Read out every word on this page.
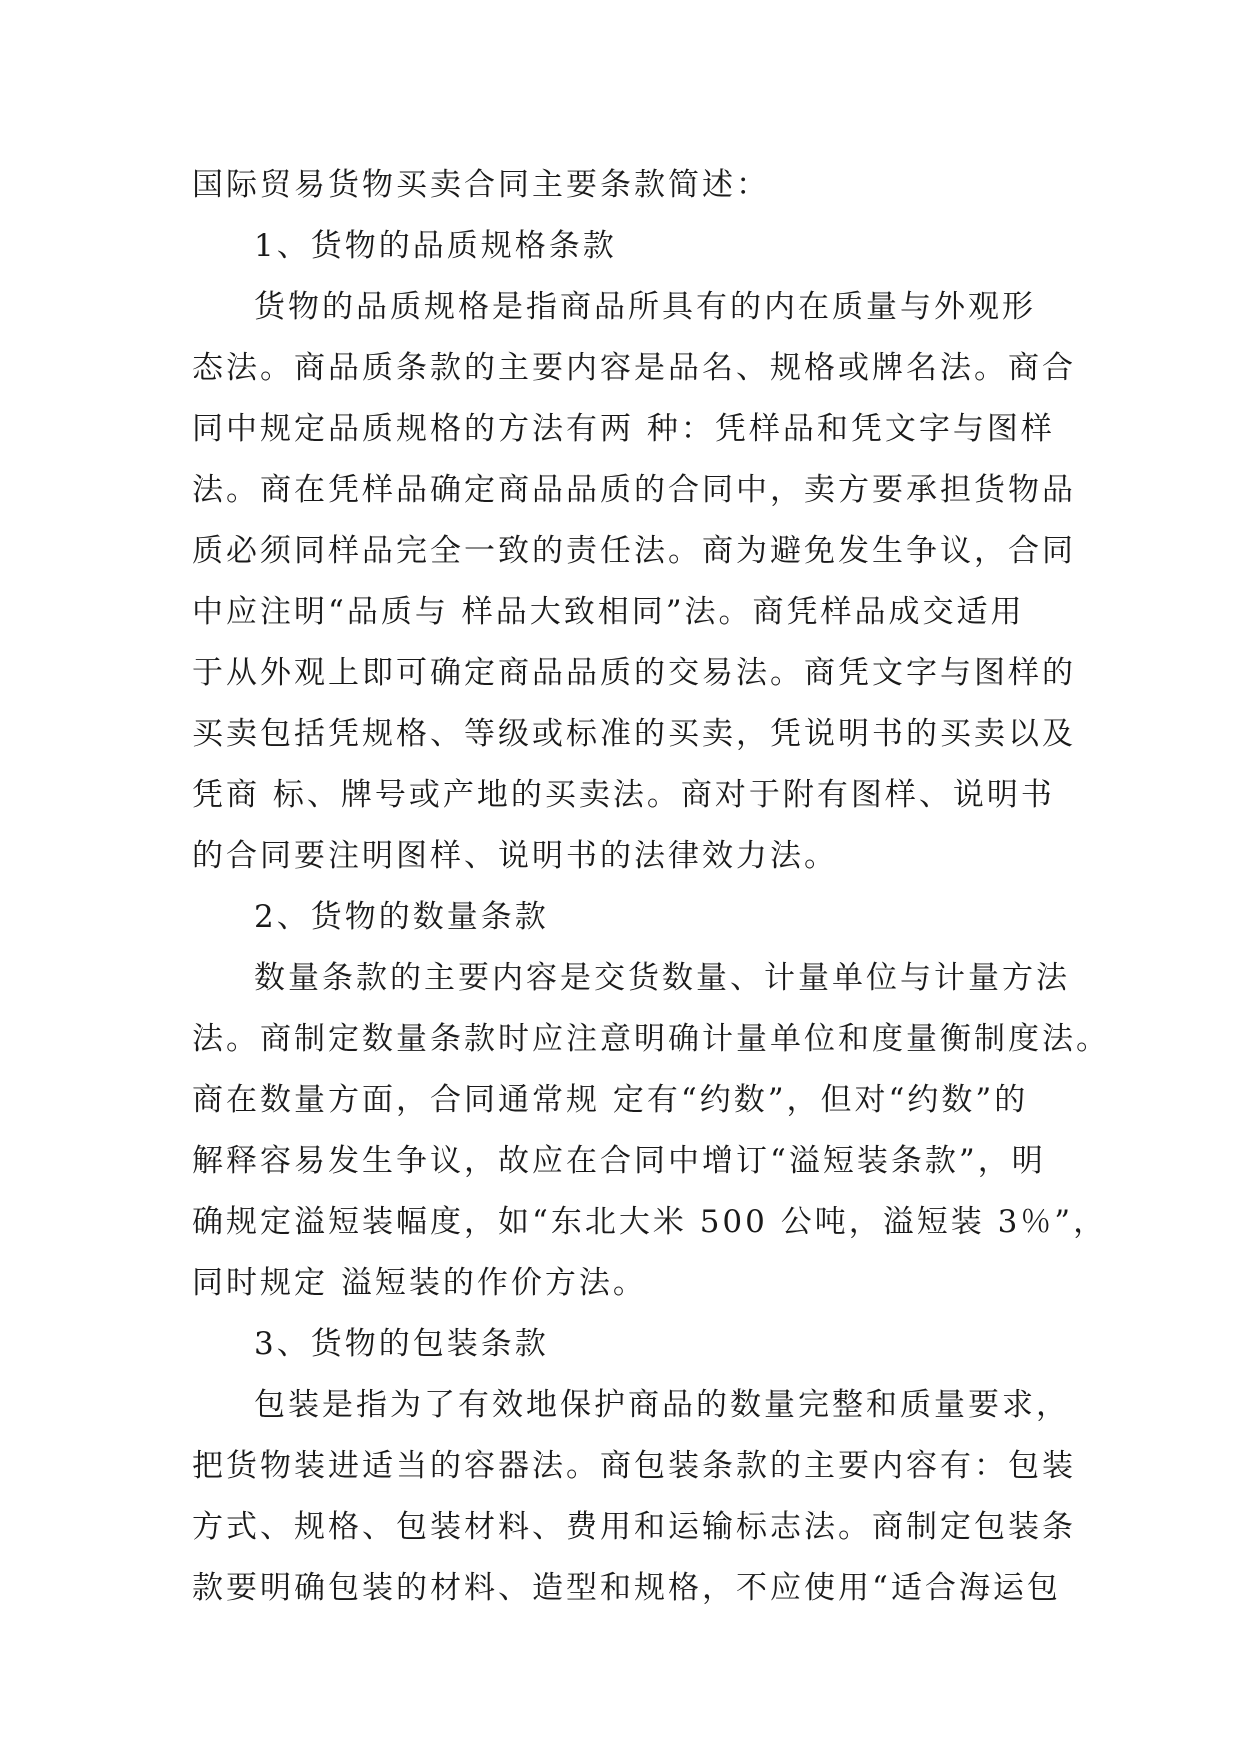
国际贸易货物买卖合同主要条款简述：

1、货物的品质规格条款

货物的品质规格是指商品所具有的内在质量与外观形

态法。商品质条款的主要内容是品名、规格或牌名法。商合

同中规定品质规格的方法有两 种：凭样品和凭文字与图样

法。商在凭样品确定商品品质的合同中，卖方要承担货物品

质必须同样品完全一致的责任法。商为避免发生争议，合同

中应注明“品质与 样品大致相同”法。商凭样品成交适用

于从外观上即可确定商品品质的交易法。商凭文字与图样的

买卖包括凭规格、等级或标准的买卖，凭说明书的买卖以及

凭商 标、牌号或产地的买卖法。商对于附有图样、说明书

的合同要注明图样、说明书的法律效力法。

2、货物的数量条款

数量条款的主要内容是交货数量、计量单位与计量方法

法。商制定数量条款时应注意明确计量单位和度量衡制度法。

商在数量方面，合同通常规 定有“约数”，但对“约数”的

解释容易发生争议，故应在合同中增订“溢短装条款”，明

确规定溢短装幅度，如“东北大米 500 公吨，溢短装 3％”，

同时规定 溢短装的作价方法。

3、货物的包装条款

包装是指为了有效地保护商品的数量完整和质量要求，

把货物装进适当的容器法。商包装条款的主要内容有：包装

方式、规格、包装材料、费用和运输标志法。商制定包装条

款要明确包装的材料、造型和规格，不应使用“适合海运包
